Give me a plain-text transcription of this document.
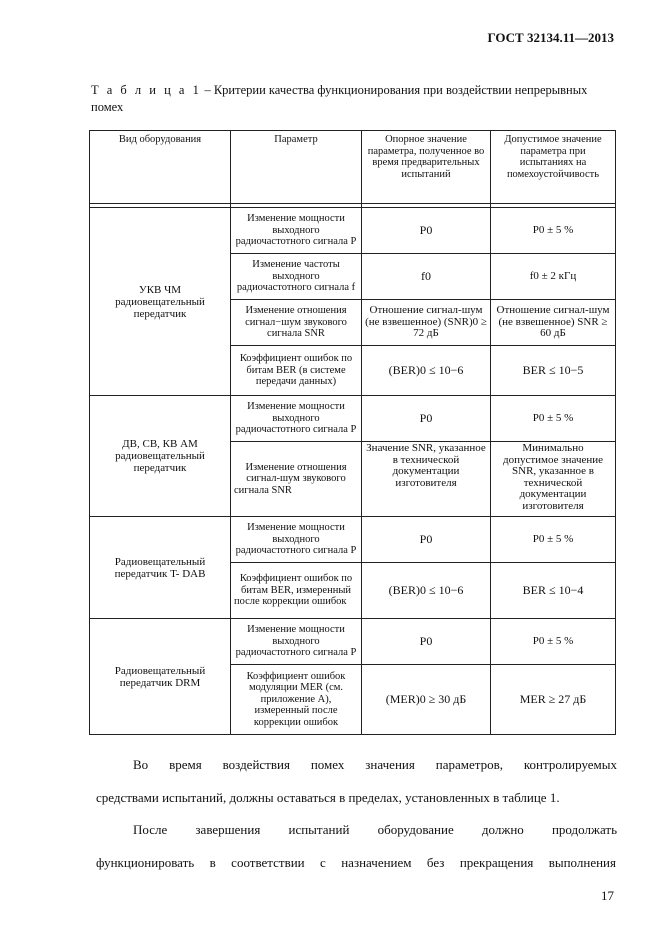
ГОСТ 32134.11—2013
Т а б л и ц а 1 – Критерии качества функционирования при воздействии непрерывных помех
Вид оборудования	Параметр	Опорное значение параметра, полученное во время предварительных испытаний	Допустимое значение параметра при испытаниях на помехоустойчивость

УКВ ЧМ радиовещательный передатчик	Изменение мощности выходного радиочастотного сигнала P	P0	P0 ± 5 %
	Изменение частоты выходного радиочастотного сигнала f	f0	f0 ± 2 кГц
	Изменение отношения сигнал−шум звукового сигнала SNR	Отношение сигнал-шум (не взвешенное) (SNR)0 ≥ 72 дБ	Отношение сигнал-шум (не взвешенное) SNR ≥ 60 дБ
	Коэффициент ошибок по битам BER (в системе передачи данных)	(BER)0 ≤ 10−6	BER ≤ 10−5
ДВ, СВ, КВ АМ радиовещательный передатчик	Изменение мощности выходного радиочастотного сигнала P	P0	P0 ± 5 %
	Изменение отношения сигнал-шум звукового сигнала SNR	Значение SNR, указанное в технической документации изготовителя	Минимально допустимое значение SNR, указанное в технической документации изготовителя
Радиовещательный передатчик T- DAB	Изменение мощности выходного радиочастотного сигнала P	P0	P0 ± 5 %
	Коэффициент ошибок по битам BER, измеренный после коррекции ошибок	(BER)0 ≤ 10−6	BER ≤ 10−4
Радиовещательный передатчик DRM	Изменение мощности выходного радиочастотного сигнала P	P0	P0 ± 5 %
	Коэффициент ошибок модуляции MER (см. приложение А), измеренный после коррекции ошибок	(MER)0 ≥ 30 дБ	MER ≥ 27 дБ
Во время воздействия помех значения параметров, контролируемых
средствами испытаний, должны оставаться в пределах, установленных в таблице 1.
После завершения испытаний оборудование должно продолжать
функционировать в соответствии с назначением без прекращения выполнения
17
